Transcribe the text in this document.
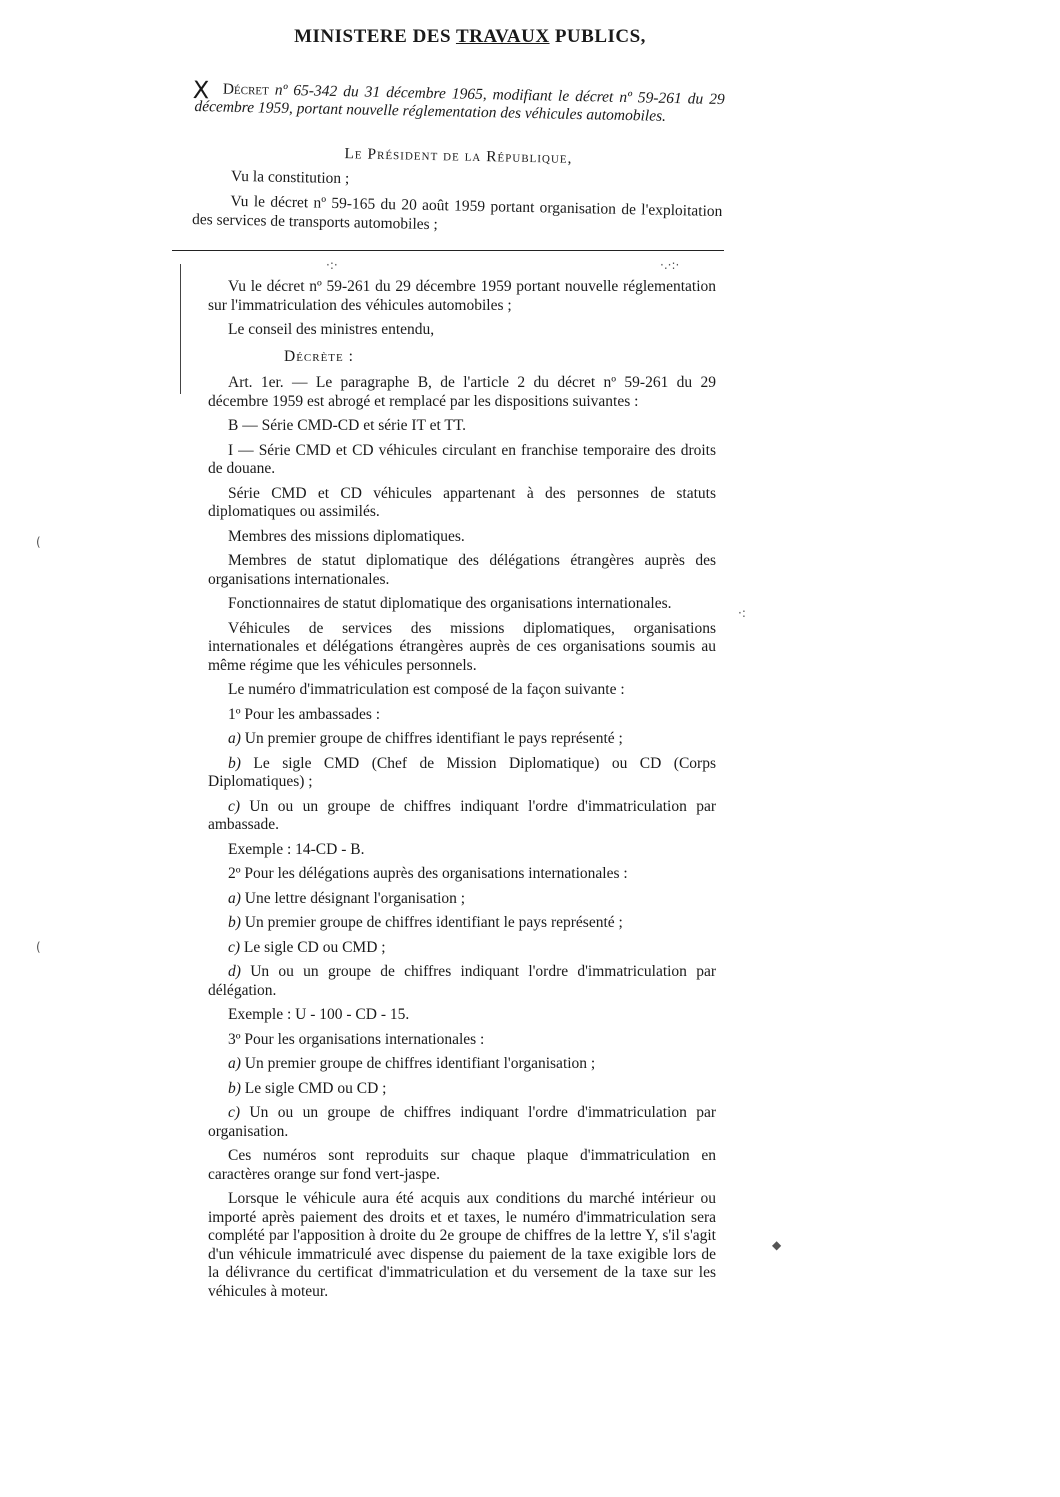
MINISTERE DES TRAVAUX PUBLICS,
X Décret nº 65-342 du 31 décembre 1965, modifiant le décret nº 59-261 du 29 décembre 1959, portant nouvelle réglementation des véhicules automobiles.

Le Président de la République,

Vu la constitution ;

Vu le décret nº 59-165 du 20 août 1959 portant organisation de l'exploitation des services de transports automobiles ;

Vu le décret nº 59-261 du 29 décembre 1959 portant nouvelle réglementation sur l'immatriculation des véhicules automobiles ;

Le conseil des ministres entendu,

Décrète :

Art. 1er. — Le paragraphe B, de l'article 2 du décret nº 59-261 du 29 décembre 1959 est abrogé et remplacé par les dispositions suivantes :

B — Série CMD-CD et série IT et TT.

I — Série CMD et CD véhicules circulant en franchise temporaire des droits de douane.

Série CMD et CD véhicules appartenant à des personnes de statuts diplomatiques ou assimilés.

Membres des missions diplomatiques.

Membres de statut diplomatique des délégations étrangères auprès des organisations internationales.

Fonctionnaires de statut diplomatique des organisations internationales.

Véhicules de services des missions diplomatiques, organisations internationales et délégations étrangères auprès de ces organisations soumis au même régime que les véhicules personnels.

Le numéro d'immatriculation est composé de la façon suivante :

1º Pour les ambassades :

a) Un premier groupe de chiffres identifiant le pays représenté ;

b) Le sigle CMD (Chef de Mission Diplomatique) ou CD (Corps Diplomatiques) ;

c) Un ou un groupe de chiffres indiquant l'ordre d'immatriculation par ambassade.

Exemple : 14-CD - B.

2º Pour les délégations auprès des organisations internationales :

a) Une lettre désignant l'organisation ;

b) Un premier groupe de chiffres identifiant le pays représenté ;

c) Le sigle CD ou CMD ;

d) Un ou un groupe de chiffres indiquant l'ordre d'immatriculation par délégation.

Exemple : U - 100 - CD - 15.

3º Pour les organisations internationales :

a) Un premier groupe de chiffres identifiant l'organisation ;

b) Le sigle CMD ou CD ;

c) Un ou un groupe de chiffres indiquant l'ordre d'immatriculation par organisation.

Ces numéros sont reproduits sur chaque plaque d'immatriculation en caractères orange sur fond vert-jaspe.

Lorsque le véhicule aura été acquis aux conditions du marché intérieur ou importé après paiement des droits et et taxes, le numéro d'immatriculation sera complété par l'apposition à droite du 2e groupe de chiffres de la lettre Y, s'il s'agit d'un véhicule immatriculé avec dispense du paiement de la taxe exigible lors de la délivrance du certificat d'immatriculation et du versement de la taxe sur les véhicules à moteur.

(
(
◆
·:
·.·:·
·:·
